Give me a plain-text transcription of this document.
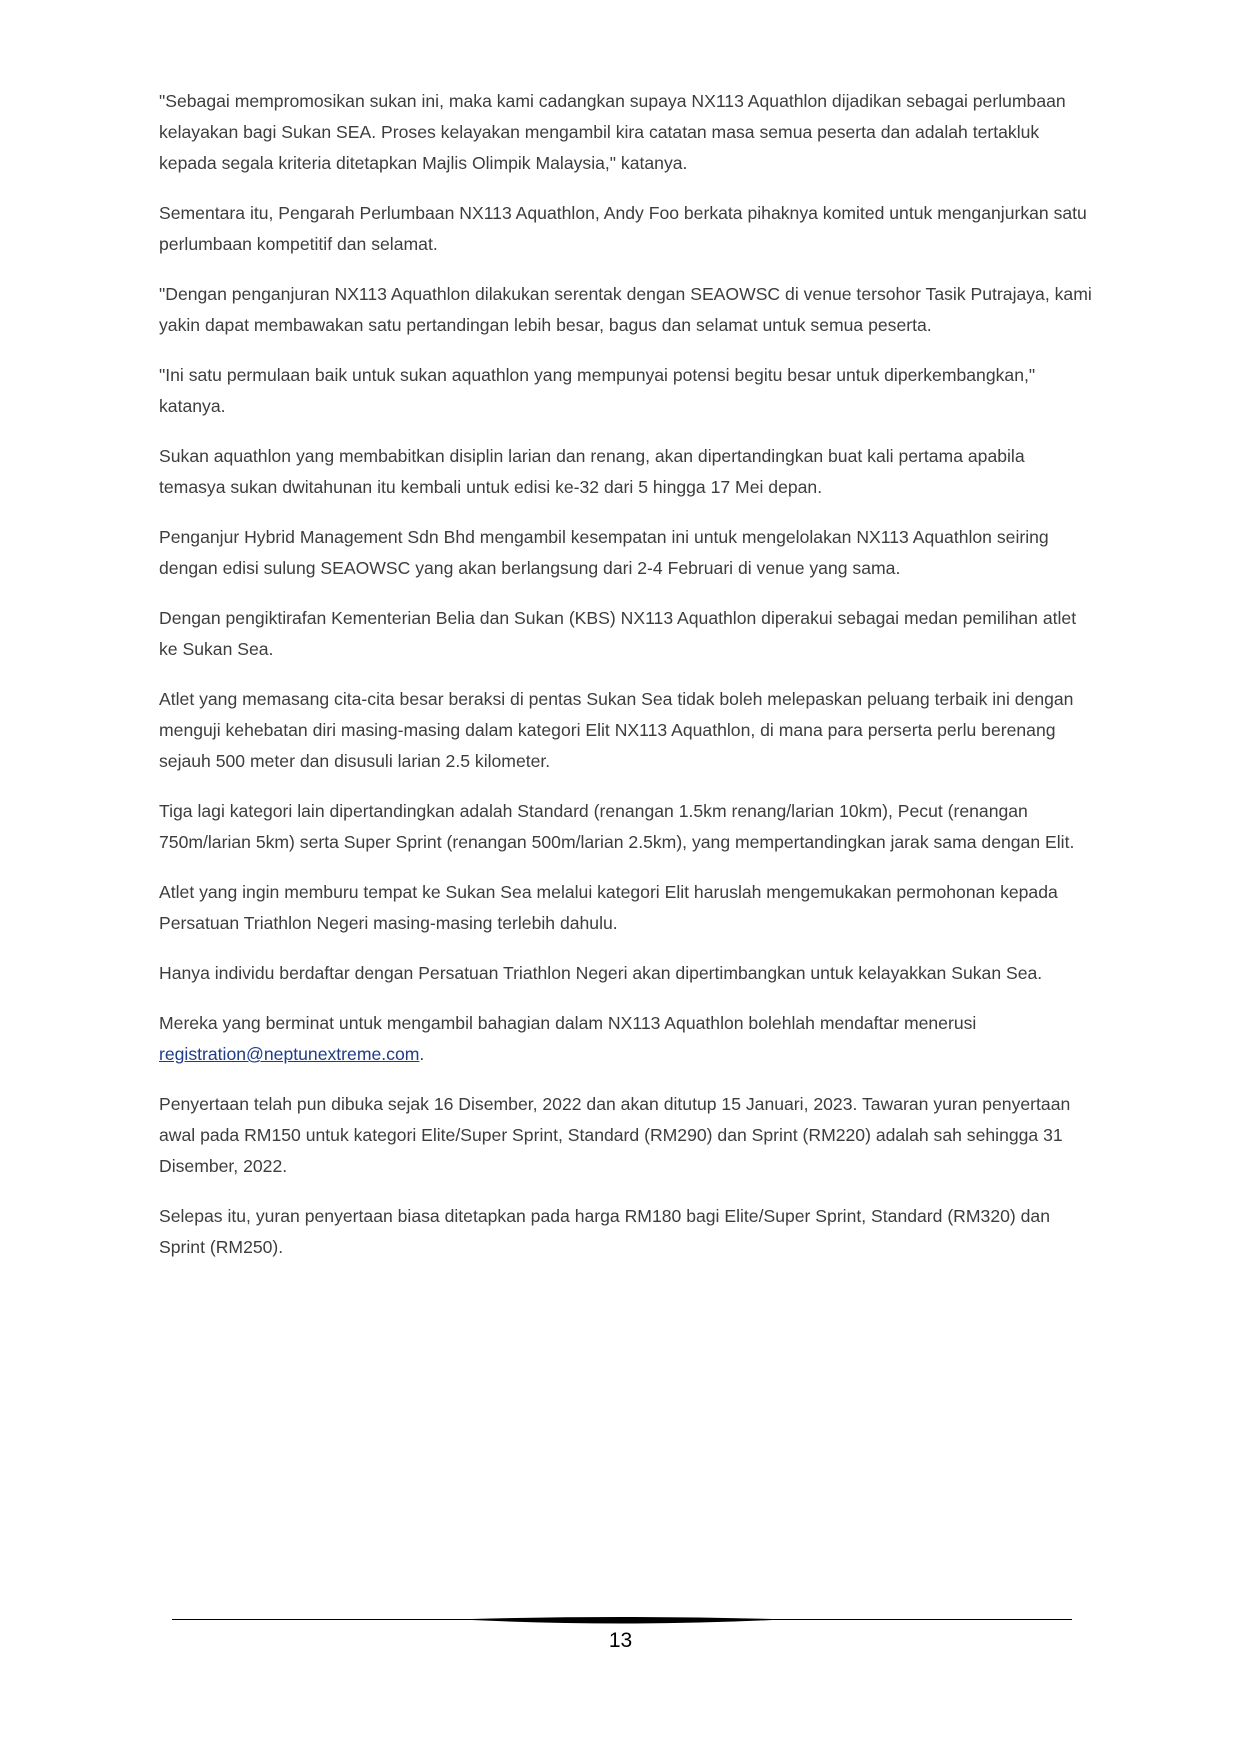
"Sebagai mempromosikan sukan ini, maka kami cadangkan supaya NX113 Aquathlon dijadikan sebagai perlumbaan kelayakan bagi Sukan SEA. Proses kelayakan mengambil kira catatan masa semua peserta dan adalah tertakluk kepada segala kriteria ditetapkan Majlis Olimpik Malaysia," katanya.

Sementara itu, Pengarah Perlumbaan NX113 Aquathlon, Andy Foo berkata pihaknya komited untuk menganjurkan satu perlumbaan kompetitif dan selamat.

"Dengan penganjuran NX113 Aquathlon dilakukan serentak dengan SEAOWSC di venue tersohor Tasik Putrajaya, kami yakin dapat membawakan satu pertandingan lebih besar, bagus dan selamat untuk semua peserta.

"Ini satu permulaan baik untuk sukan aquathlon yang mempunyai potensi begitu besar untuk diperkembangkan," katanya.

Sukan aquathlon yang membabitkan disiplin larian dan renang, akan dipertandingkan buat kali pertama apabila temasya sukan dwitahunan itu kembali untuk edisi ke-32 dari 5 hingga 17 Mei depan.

Penganjur Hybrid Management Sdn Bhd mengambil kesempatan ini untuk mengelolakan NX113 Aquathlon seiring dengan edisi sulung SEAOWSC yang akan berlangsung dari 2-4 Februari di venue yang sama.

Dengan pengiktirafan Kementerian Belia dan Sukan (KBS) NX113 Aquathlon diperakui sebagai medan pemilihan atlet ke Sukan Sea.

Atlet yang memasang cita-cita besar beraksi di pentas Sukan Sea tidak boleh melepaskan peluang terbaik ini dengan menguji kehebatan diri masing-masing dalam kategori Elit NX113 Aquathlon, di mana para perserta perlu berenang sejauh 500 meter dan disusuli larian 2.5 kilometer.

Tiga lagi kategori lain dipertandingkan adalah Standard (renangan 1.5km renang/larian 10km), Pecut (renangan 750m/larian 5km) serta Super Sprint (renangan 500m/larian 2.5km), yang mempertandingkan jarak sama dengan Elit.

Atlet yang ingin memburu tempat ke Sukan Sea melalui kategori Elit haruslah mengemukakan permohonan kepada Persatuan Triathlon Negeri masing-masing terlebih dahulu.

Hanya individu berdaftar dengan Persatuan Triathlon Negeri akan dipertimbangkan untuk kelayakkan Sukan Sea.

Mereka yang berminat untuk mengambil bahagian dalam NX113 Aquathlon bolehlah mendaftar menerusi registration@neptunextreme.com.

Penyertaan telah pun dibuka sejak 16 Disember, 2022 dan akan ditutup 15 Januari, 2023. Tawaran yuran penyertaan awal pada RM150 untuk kategori Elite/Super Sprint, Standard (RM290) dan Sprint (RM220) adalah sah sehingga 31 Disember, 2022.

Selepas itu, yuran penyertaan biasa ditetapkan pada harga RM180 bagi Elite/Super Sprint, Standard (RM320) dan Sprint (RM250).

13
